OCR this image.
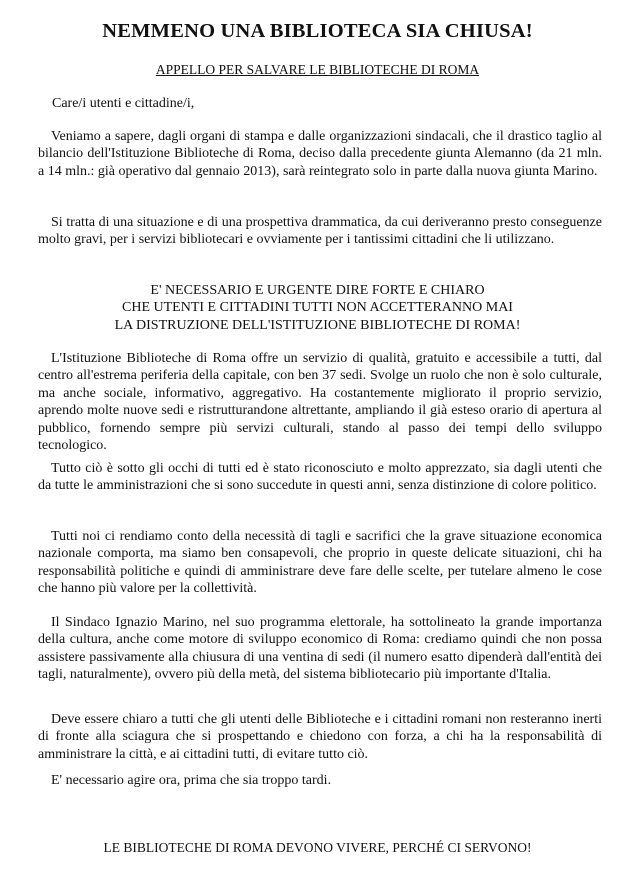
NEMMENO UNA BIBLIOTECA SIA CHIUSA!
APPELLO PER SALVARE LE BIBLIOTECHE DI ROMA
Care/i utenti e cittadine/i,

Veniamo a sapere, dagli organi di stampa e dalle organizzazioni sindacali, che il drastico taglio al bilancio dell'Istituzione Biblioteche di Roma, deciso dalla precedente giunta Alemanno (da 21 mln. a 14 mln.: già operativo dal gennaio 2013), sarà reintegrato solo in parte dalla nuova giunta Marino.

Si tratta di una situazione e di una prospettiva drammatica, da cui deriveranno presto conseguenze molto gravi, per i servizi bibliotecari e ovviamente per i tantissimi cittadini che li utilizzano.

E' NECESSARIO E URGENTE DIRE FORTE E CHIARO
CHE UTENTI E CITTADINI TUTTI NON ACCETTERANNO MAI
LA DISTRUZIONE DELL'ISTITUZIONE BIBLIOTECHE DI ROMA!

L'Istituzione Biblioteche di Roma offre un servizio di qualità, gratuito e accessibile a tutti, dal centro all'estrema periferia della capitale, con ben 37 sedi. Svolge un ruolo che non è solo culturale, ma anche sociale, informativo, aggregativo. Ha costantemente migliorato il proprio servizio, aprendo molte nuove sedi e ristrutturandone altrettante, ampliando il già esteso orario di apertura al pubblico, fornendo sempre più servizi culturali, stando al passo dei tempi dello sviluppo tecnologico.

Tutto ciò è sotto gli occhi di tutti ed è stato riconosciuto e molto apprezzato, sia dagli utenti che da tutte le amministrazioni che si sono succedute in questi anni, senza distinzione di colore politico.

Tutti noi ci rendiamo conto della necessità di tagli e sacrifici che la grave situazione economica nazionale comporta, ma siamo ben consapevoli, che proprio in queste delicate situazioni, chi ha responsabilità politiche e quindi di amministrare deve fare delle scelte, per tutelare almeno le cose che hanno più valore per la collettività.

Il Sindaco Ignazio Marino, nel suo programma elettorale, ha sottolineato la grande importanza della cultura, anche come motore di sviluppo economico di Roma: crediamo quindi che non possa assistere passivamente alla chiusura di una ventina di sedi (il numero esatto dipenderà dall'entità dei tagli, naturalmente), ovvero più della metà, del sistema bibliotecario più importante d'Italia.

Deve essere chiaro a tutti che gli utenti delle Biblioteche e i cittadini romani non resteranno inerti di fronte alla sciagura che si prospettando e chiedono con forza, a chi ha la responsabilità di amministrare la città, e ai cittadini tutti, di evitare tutto ciò.

E' necessario agire ora, prima che sia troppo tardi.

LE BIBLIOTECHE DI ROMA DEVONO VIVERE, PERCHÉ CI SERVONO!
